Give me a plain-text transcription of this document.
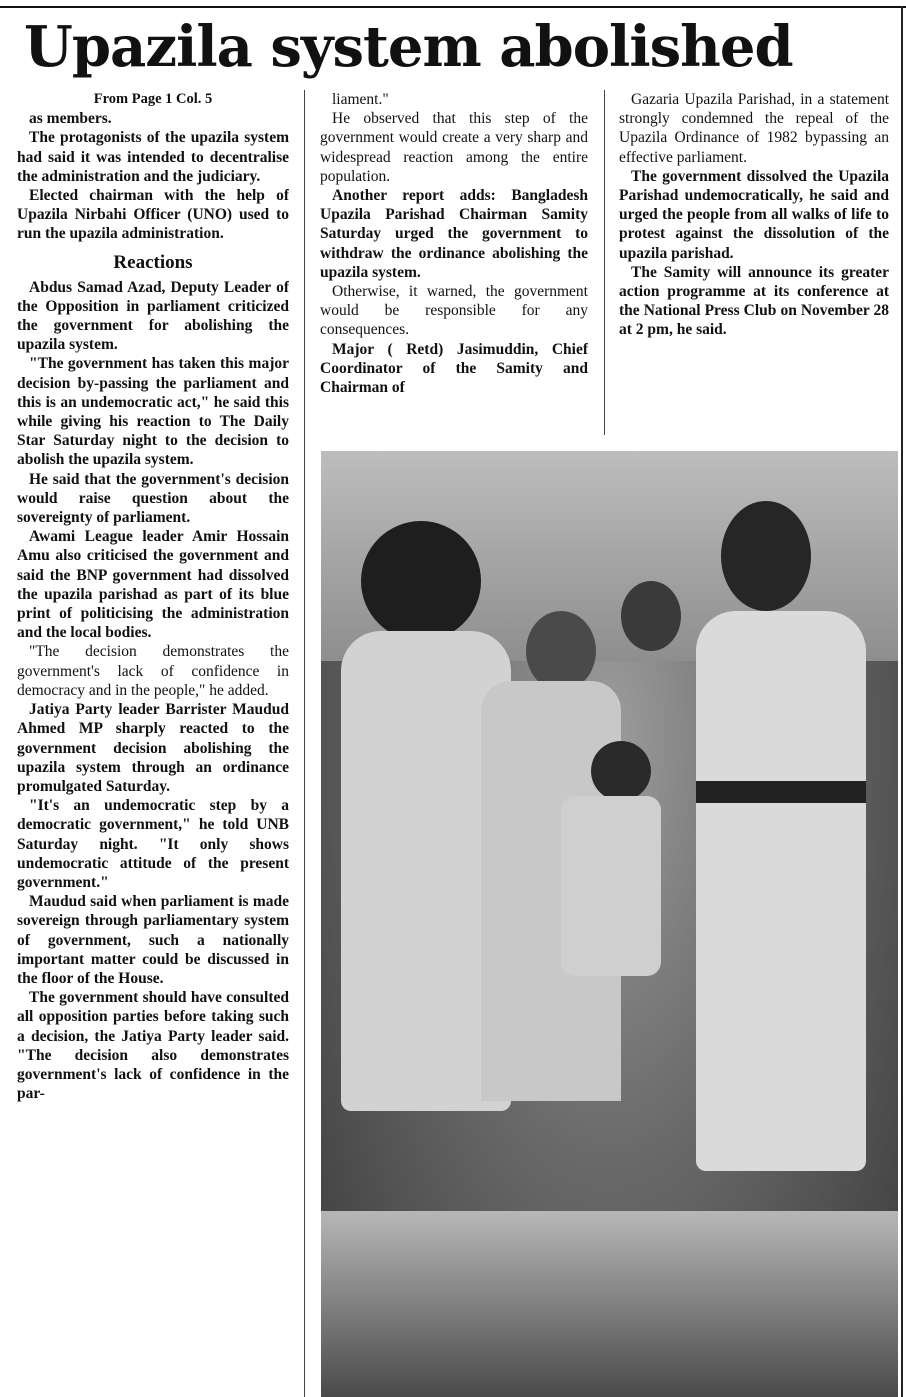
Upazila system abolished

From Page 1 Col. 5

as members.

The protagonists of the upazila system had said it was intended to decentralise the administration and the judiciary.

Elected chairman with the help of Upazila Nirbahi Officer (UNO) used to run the upazila administration.

Reactions

Abdus Samad Azad, Deputy Leader of the Opposition in parliament criticized the government for abolishing the upazila system.

"The government has taken this major decision by-passing the parliament and this is an undemocratic act," he said this while giving his reaction to The Daily Star Saturday night to the decision to abolish the upazila system.

He said that the government's decision would raise question about the sovereignty of parliament.

Awami League leader Amir Hossain Amu also criticised the government and said the BNP government had dissolved the upazila parishad as part of its blue print of politicising the administration and the local bodies.

"The decision demonstrates the government's lack of confidence in democracy and in the people," he added.

Jatiya Party leader Barrister Maudud Ahmed MP sharply reacted to the government decision abolishing the upazila system through an ordinance promulgated Saturday.

"It's an undemocratic step by a democratic government," he told UNB Saturday night. "It only shows undemocratic attitude of the present government."

Maudud said when parliament is made sovereign through parliamentary system of government, such a nationally important matter could be discussed in the floor of the House.

The government should have consulted all opposition parties before taking such a decision, the Jatiya Party leader said. "The decision also demonstrates government's lack of confidence in the par-

liament."

He observed that this step of the government would create a very sharp and widespread reaction among the entire population.

Another report adds: Bangladesh Upazila Parishad Chairman Samity Saturday urged the government to withdraw the ordinance abolishing the upazila system.

Otherwise, it warned, the government would be responsible for any consequences.

Major ( Retd) Jasimuddin, Chief Coordinator of the Samity and Chairman of

Gazaria Upazila Parishad, in a statement strongly condemned the repeal of the Upazila Ordinance of 1982 bypassing an effective parliament.

The government dissolved the Upazila Parishad undemocratically, he said and urged the people from all walks of life to protest against the dissolution of the upazila parishad.

The Samity will announce its greater action programme at its conference at the National Press Club on November 28 at 2 pm, he said.
